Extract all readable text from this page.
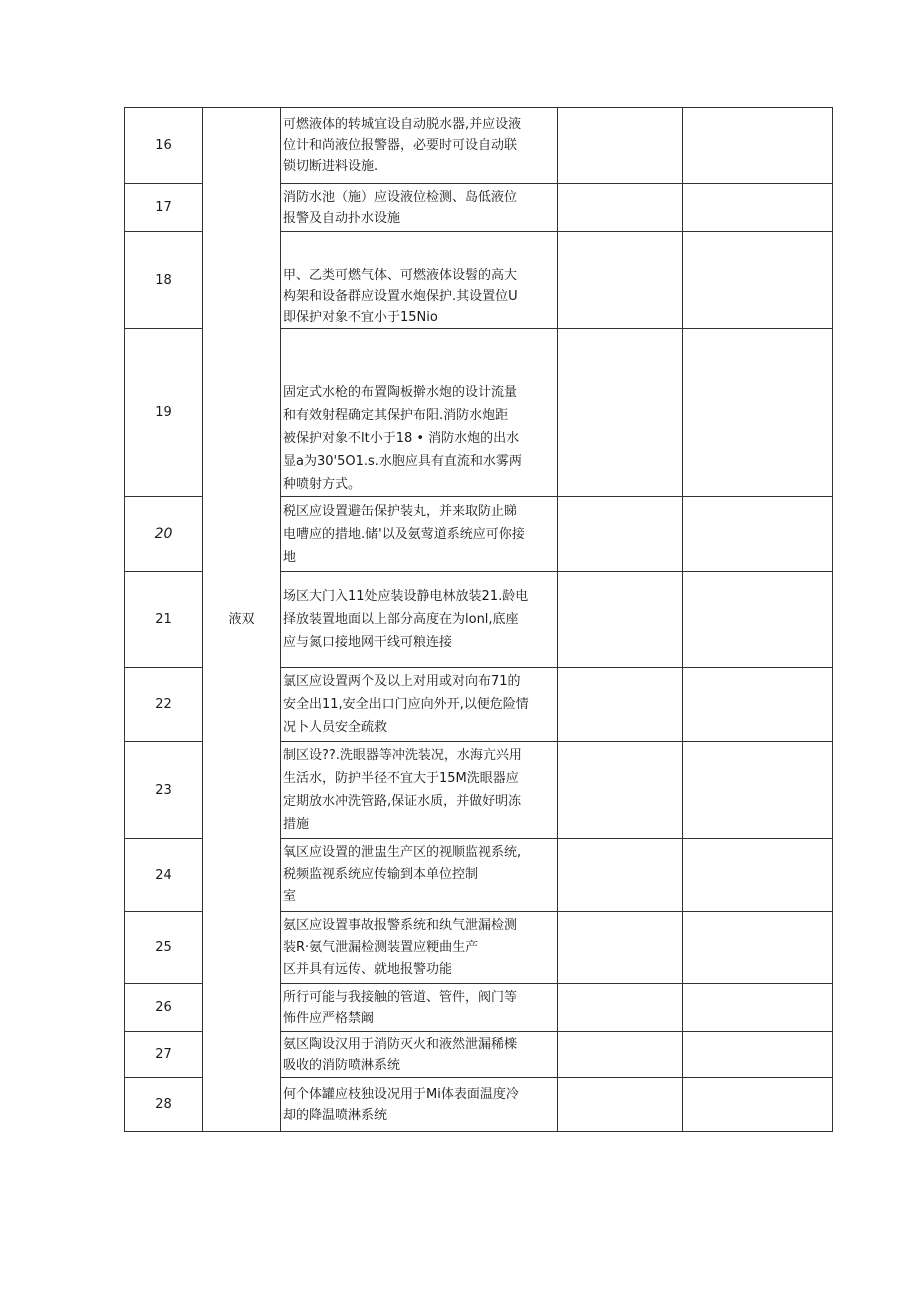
16	液双	可燃液体的转城宜设自动脱水器,并应设液
位计和尚液位报警器，必要时可设自动联
锁切断进料设施.		

17		消防水池（施）应设液位检测、岛低液位
报警及自动扑水设施		

18		甲、乙类可燃气体、可燃液体设髫的高大
构架和设备群应设置水炮保护.其设置位U
即保护对象不宜小于15Nio		

19		固定式水枪的布置陶板擀水炮的设计流量
和有效射程确定其保护布阳.消防水炮距
被保护对象不lt小于18 • 消防水炮的出水
显a为30'5O1.s.水胞应具有直流和水雾两
种喷射方式。		

20		税区应设置避缶保护装丸，并来取防止睇
电嘈应的措地.储'以及氨莺道系统应可你接
地		

21		场区大门入11处应装设静电林放装21.龄电
择放装置地面以上部分高度在为lonl,底座
应与氮口接地网干线可粮连接		

22		氯区应设置两个及以上对用或对向布71的
安全出11,安全出口门应向外开,以便危险情
况卜人员安全疏救		

23		制区设??.洗眼器等冲洗装况，水海亢兴用
生活水，防护半径不宜大于15M洗眼器应
定期放水冲洗管路,保证水质，并做好明冻
措施		

24		氧区应设置的泄盅生产区的视顺监视系统,
税频监视系统应传输到本单位控制
室		

25		氨区应设置事故报警系统和纨气泄漏检测
装R·氨气泄漏检测装置应粳曲生产
区并具有远传、就地报警功能		

26		所行可能与我接触的管道、管件，阀门等
怖件应严格禁阚		

27		氨区陶设汉用于消防灭火和液然泄漏稀檪
吸收的消防喷淋系统		

28		何个体罐应枝独设况用于Mi体表面温度冷
却的降温喷淋系统		
